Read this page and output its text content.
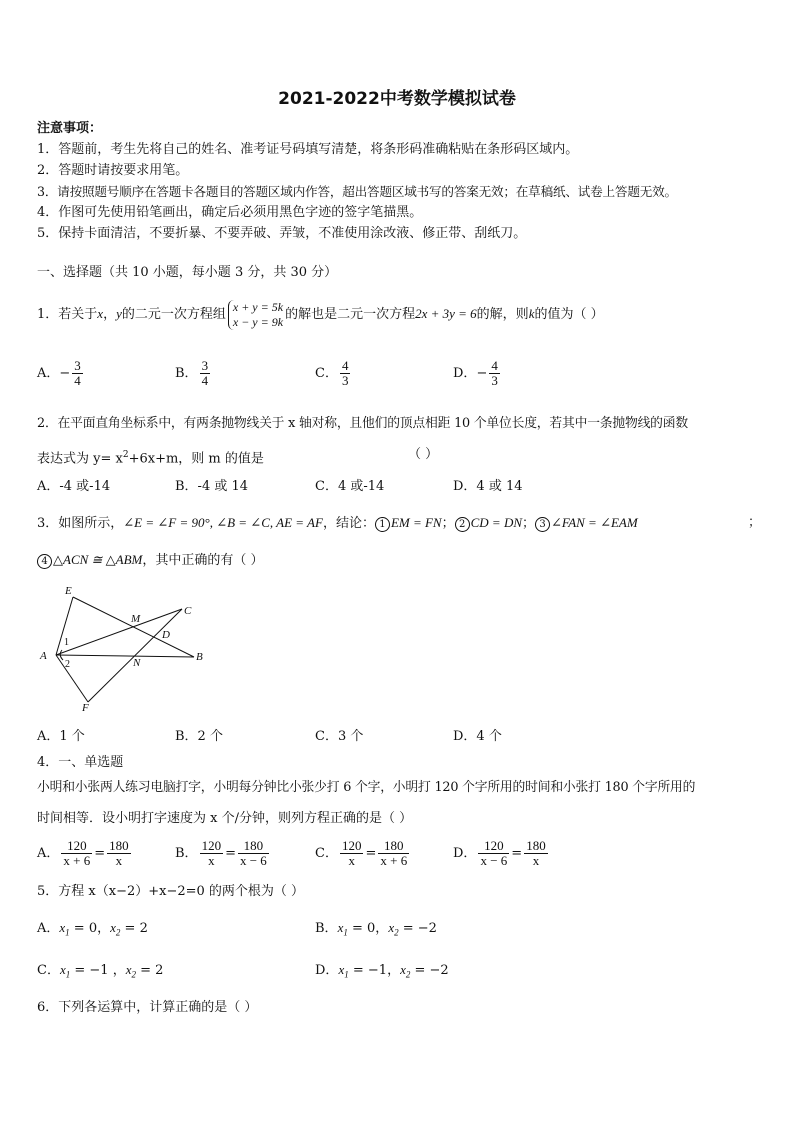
2021-2022中考数学模拟试卷
注意事项：
1．答题前，考生先将自己的姓名、准考证号码填写清楚，将条形码准确粘贴在条形码区域内。
2．答题时请按要求用笔。
3．请按照题号顺序在答题卡各题目的答题区域内作答，超出答题区域书写的答案无效；在草稿纸、试卷上答题无效。
4．作图可先使用铅笔画出，确定后必须用黑色字迹的签字笔描黑。
5．保持卡面清洁，不要折暴、不要弄破、弄皱，不准使用涂改液、修正带、刮纸刀。
一、选择题（共 10 小题，每小题 3 分，共 30 分）
1．若关于x，y的二元一次方程组
x + y = 5k
x − y = 9k 的解也是二元一次方程2x + 3y = 6的解，则k的值为（ ）
A．− $\frac{3}{4}$	B． $\frac{3}{4}$	C． $\frac{4}{3}$	D．− $\frac{4}{3}$
2．在平面直角坐标系中，有两条抛物线关于 x 轴对称，且他们的顶点相距 10 个单位长度，若其中一条抛物线的函数
表达式为 $y= x^2+6x+m$，则 m 的值是	（ ）
A．-4 或-14	B．-4 或 14	C．4 或-14	D．4 或 14
3．如图所示，∠E = ∠F = 90°, ∠B = ∠C, AE = AF，结论： 1 EM = FN； 2 CD = DN； 3 ∠FAN = ∠EAM	；
4 △ACN ≅ △ABM，其中正确的有（ ）
E
M
C
D
1
A
2	N	B
F
A．1 个	B．2 个	C．3 个	D．4 个
4．一、单选题
小明和小张两人练习电脑打字，小明每分钟比小张少打 6 个字，小明打 120 个字所用的时间和小张打 180 个字所用的
时间相等．设小明打字速度为 x 个/分钟，则列方程正确的是（ ）
A． $\frac{120}{x + 6} = \frac{180}{x}$	B． $\frac{120}{x} = \frac{180}{x - 6}$	C． $\frac{120}{x} = \frac{180}{x + 6}$	D． $\frac{120}{x - 6} = \frac{180}{x}$
5．方程 x（x−2）+x−2=0 的两个根为（ ）
A．$x_1 = 0$，$x_2 = 2$	B．$x_1 = 0$，$x_2 = -2$
C．$x_1 = -1$ ，$x_2 = 2$	D．$x_1 = -1$，$x_2 = -2$
6．下列各运算中，计算正确的是（ ）
